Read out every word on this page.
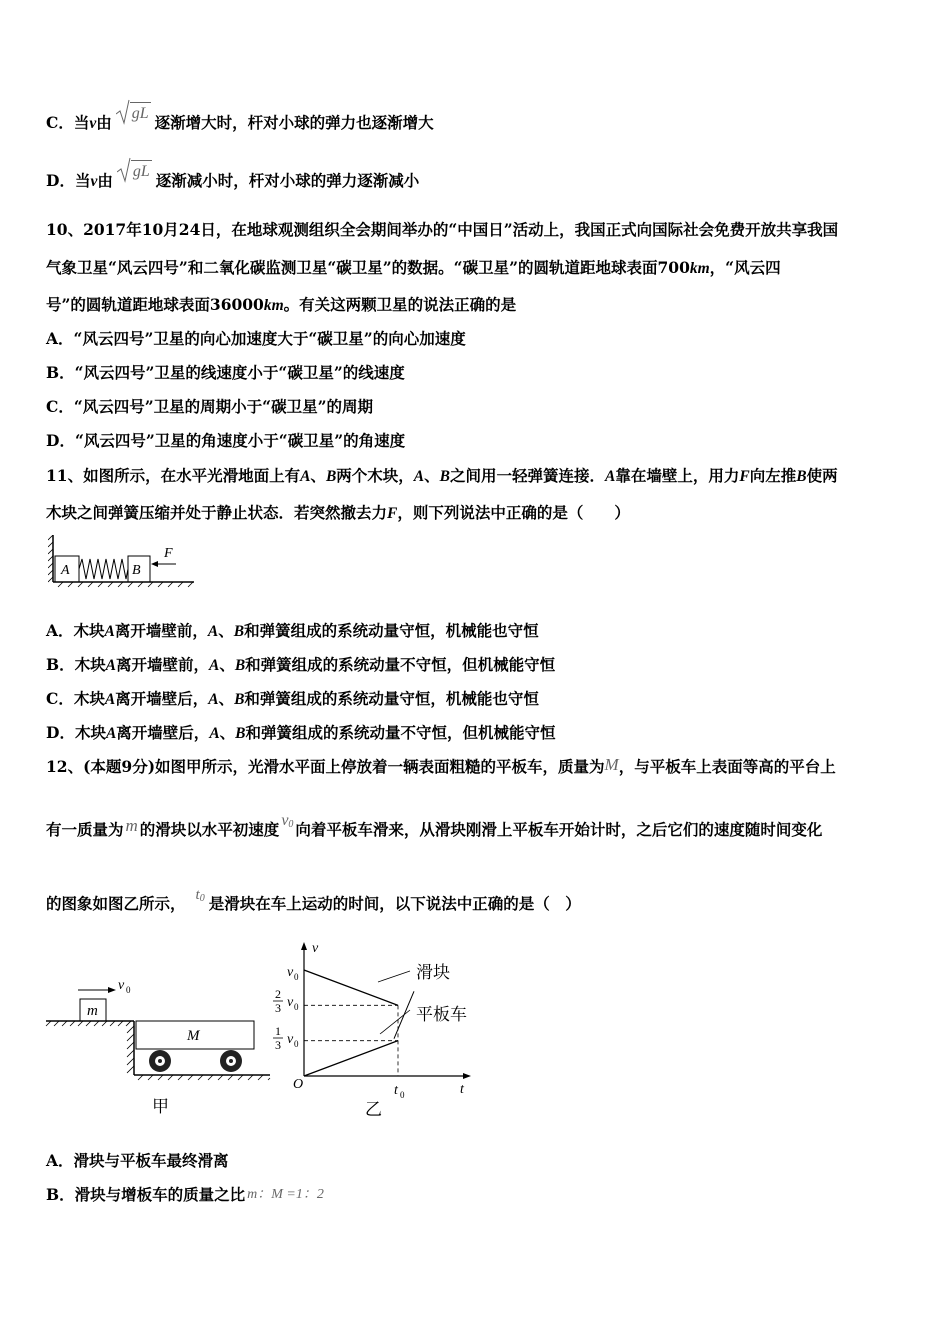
C．当v由 gL 逐渐增大时，杆对小球的弹力也逐渐增大
D．当v由 gL 逐渐减小时，杆对小球的弹力逐渐减小
10、2017年10月24日，在地球观测组织全会期间举办的“中国日”活动上，我国正式向国际社会免费开放共享我国
气象卫星“风云四号”和二氧化碳监测卫星“碳卫星”的数据。“碳卫星”的圆轨道距地球表面700km，“风云四
号”的圆轨道距地球表面36000km。有关这两颗卫星的说法正确的是
A．“风云四号”卫星的向心加速度大于“碳卫星”的向心加速度
B．“风云四号”卫星的线速度小于“碳卫星”的线速度
C．“风云四号”卫星的周期小于“碳卫星”的周期
D．“风云四号”卫星的角速度小于“碳卫星”的角速度
11、如图所示，在水平光滑地面上有A、B两个木块，A、B之间用一轻弹簧连接．A靠在墙壁上，用力F向左推B使两
木块之间弹簧压缩并处于静止状态．若突然撤去力F，则下列说法中正确的是（　　）
A	B
F
A．木块A离开墙壁前，A、B和弹簧组成的系统动量守恒，机械能也守恒
B．木块A离开墙壁前，A、B和弹簧组成的系统动量不守恒，但机械能守恒
C．木块A离开墙壁后，A、B和弹簧组成的系统动量守恒，机械能也守恒
D．木块A离开墙壁后，A、B和弹簧组成的系统动量不守恒，但机械能守恒
12、(本题9分)如图甲所示，光滑水平面上停放着一辆表面粗糙的平板车，质量为M，与平板车上表面等高的平台上
有一质量为 m 的滑块以水平初速度 $v^0$ 向着平板车滑来，从滑块刚滑上平板车开始计时，之后它们的速度随时间变化
的图象如图乙所示， $t^0$ 是滑块在车上运动的时间，以下说法中正确的是（　）
m
v 0
M
甲
v
t
O
v 0
2
3 v 0
1
3 v 0
t 0
滑块
平板车
乙
A．滑块与平板车最终滑离
B．滑块与增板车的质量之比 m：M =1：2
